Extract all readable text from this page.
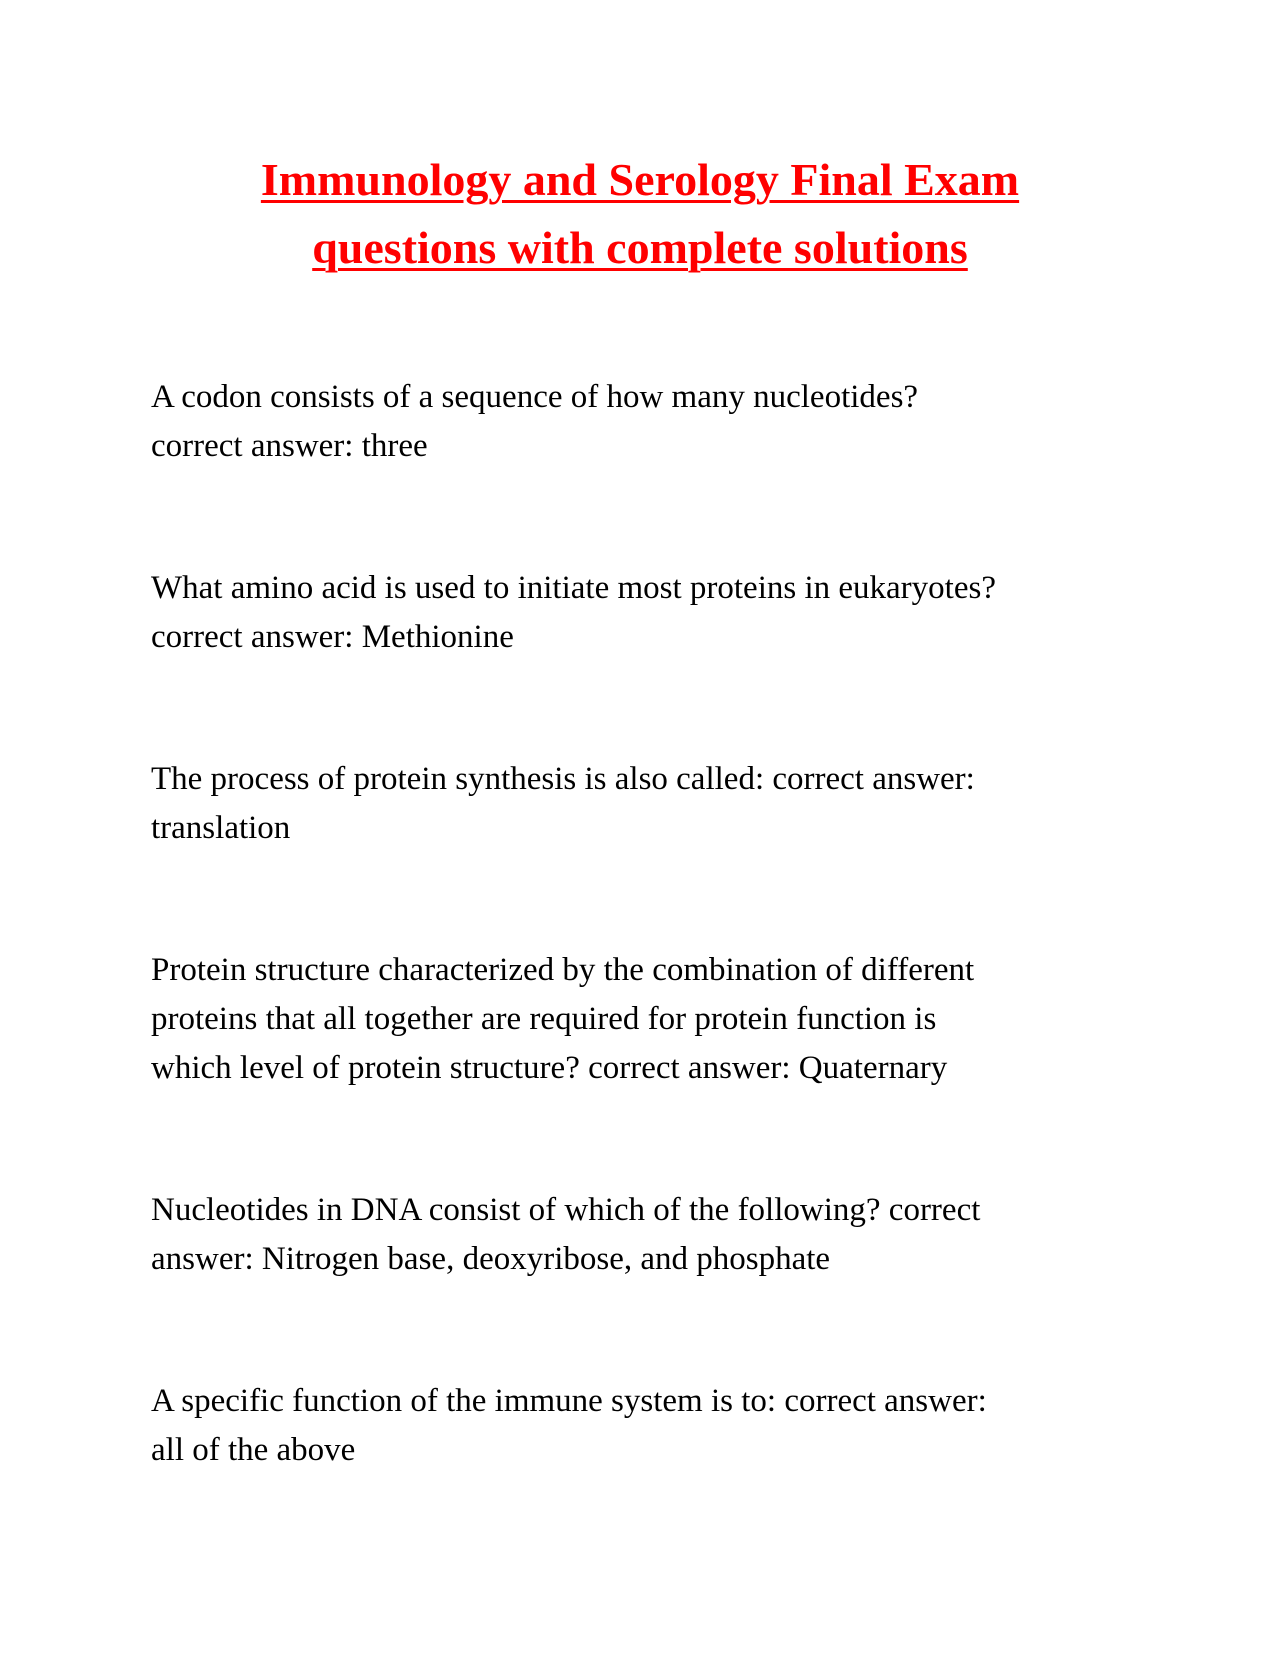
Immunology and Serology Final Exam
questions with complete solutions

A codon consists of a sequence of how many nucleotides?
correct answer: three

What amino acid is used to initiate most proteins in eukaryotes?
correct answer: Methionine

The process of protein synthesis is also called: correct answer:
translation

Protein structure characterized by the combination of different
proteins that all together are required for protein function is
which level of protein structure? correct answer: Quaternary

Nucleotides in DNA consist of which of the following? correct
answer: Nitrogen base, deoxyribose, and phosphate

A specific function of the immune system is to: correct answer:
all of the above
